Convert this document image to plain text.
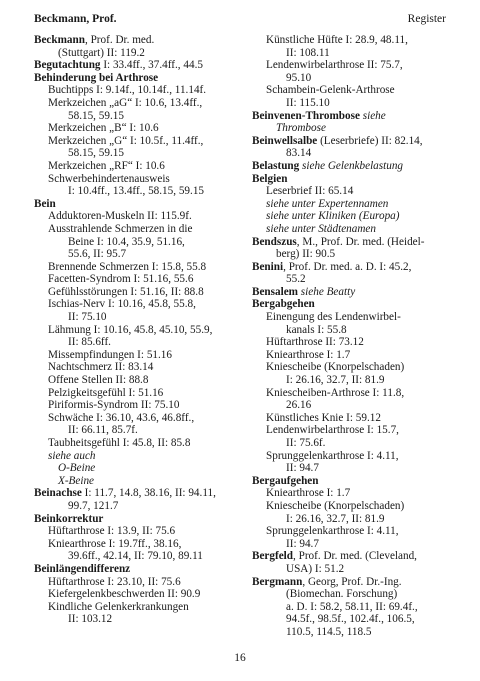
Beckmann, Prof.	Register
Beckmann, Prof. Dr. med.
(Stuttgart) II: 119.2
Begutachtung I: 33.4ff., 37.4ff., 44.5
Behinderung bei Arthrose
Buchtipps I: 9.14f., 10.14f., 11.14f.
Merkzeichen „aG“ I: 10.6, 13.4ff.,
58.15, 59.15
Merkzeichen „B“ I: 10.6
Merkzeichen „G“ I: 10.5f., 11.4ff.,
58.15, 59.15
Merkzeichen „RF“ I: 10.6
Schwerbehindertenausweis
I: 10.4ff., 13.4ff., 58.15, 59.15
Bein
Adduktoren-Muskeln II: 115.9f.
Ausstrahlende Schmerzen in die
Beine I: 10.4, 35.9, 51.16,
55.6, II: 95.7
Brennende Schmerzen I: 15.8, 55.8
Facetten-Syndrom I: 51.16, 55.6
Gefühlsstörungen I: 51.16, II: 88.8
Ischias-Nerv I: 10.16, 45.8, 55.8,
II: 75.10
Lähmung I: 10.16, 45.8, 45.10, 55.9,
II: 85.6ff.
Missempfindungen I: 51.16
Nachtschmerz II: 83.14
Offene Stellen II: 88.8
Pelzigkeitsgefühl I: 51.16
Piriformis-Syndrom II: 75.10
Schwäche I: 36.10, 43.6, 46.8ff.,
II: 66.11, 85.7f.
Taubheitsgefühl I: 45.8, II: 85.8
siehe auch
O-Beine
X-Beine
Beinachse I: 11.7, 14.8, 38.16, II: 94.11,
99.7, 121.7
Beinkorrektur
Hüftarthrose I: 13.9, II: 75.6
Kniearthrose I: 19.7ff., 38.16,
39.6ff., 42.14, II: 79.10, 89.11
Beinlängendifferenz
Hüftarthrose I: 23.10, II: 75.6
Kiefergelenkbeschwerden II: 90.9
Kindliche Gelenkerkrankungen
II: 103.12
Künstliche Hüfte I: 28.9, 48.11,
II: 108.11
Lendenwirbelarthrose II: 75.7,
95.10
Schambein-Gelenk-Arthrose
II: 115.10
Beinvenen-Thrombose siehe
Thrombose
Beinwellsalbe (Leserbriefe) II: 82.14,
83.14
Belastung siehe Gelenkbelastung
Belgien
Leserbrief II: 65.14
siehe unter Expertennamen
siehe unter Kliniken (Europa)
siehe unter Städtenamen
Bendszus, M., Prof. Dr. med. (Heidel-
berg) II: 90.5
Benini, Prof. Dr. med. a. D. I: 45.2,
55.2
Bensalem siehe Beatty
Bergabgehen
Einengung des Lendenwirbel-
kanals I: 55.8
Hüftarthrose II: 73.12
Kniearthrose I: 1.7
Kniescheibe (Knorpelschaden)
I: 26.16, 32.7, II: 81.9
Kniescheiben-Arthrose I: 11.8,
26.16
Künstliches Knie I: 59.12
Lendenwirbelarthrose I: 15.7,
II: 75.6f.
Sprunggelenkarthrose I: 4.11,
II: 94.7
Bergaufgehen
Kniearthrose I: 1.7
Kniescheibe (Knorpelschaden)
I: 26.16, 32.7, II: 81.9
Sprunggelenkarthrose I: 4.11,
II: 94.7
Bergfeld, Prof. Dr. med. (Cleveland,
USA) I: 51.2
Bergmann, Georg, Prof. Dr.-Ing.
(Biomechan. Forschung)
a. D. I: 58.2, 58.11, II: 69.4f.,
94.5f., 98.5f., 102.4f., 106.5,
110.5, 114.5, 118.5
16
